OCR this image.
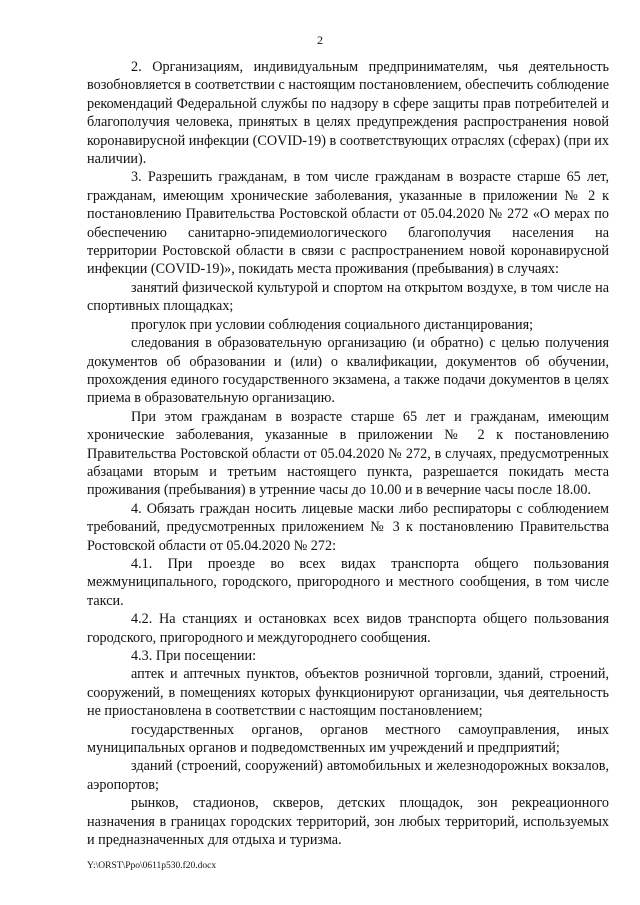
2

2. Организациям, индивидуальным предпринимателям, чья деятельность возобновляется в соответствии с настоящим постановлением, обеспечить соблюдение рекомендаций Федеральной службы по надзору в сфере защиты прав потребителей и благополучия человека, принятых в целях предупреждения распространения новой коронавирусной инфекции (COVID-19) в соответствующих отраслях (сферах) (при их наличии).

3. Разрешить гражданам, в том числе гражданам в возрасте старше 65 лет, гражданам, имеющим хронические заболевания, указанные в приложении № 2 к постановлению Правительства Ростовской области от 05.04.2020 № 272 «О мерах по обеспечению санитарно-эпидемиологического благополучия населения на территории Ростовской области в связи с распространением новой коронавирусной инфекции (COVID-19)», покидать места проживания (пребывания) в случаях:

занятий физической культурой и спортом на открытом воздухе, в том числе на спортивных площадках;

прогулок при условии соблюдения социального дистанцирования;

следования в образовательную организацию (и обратно) с целью получения документов об образовании и (или) о квалификации, документов об обучении, прохождения единого государственного экзамена, а также подачи документов в целях приема в образовательную организацию.

При этом гражданам в возрасте старше 65 лет и гражданам, имеющим хронические заболевания, указанные в приложении № 2 к постановлению Правительства Ростовской области от 05.04.2020 № 272, в случаях, предусмотренных абзацами вторым и третьим настоящего пункта, разрешается покидать места проживания (пребывания) в утренние часы до 10.00 и в вечерние часы после 18.00.

4. Обязать граждан носить лицевые маски либо респираторы с соблюдением требований, предусмотренных приложением № 3 к постановлению Правительства Ростовской области от 05.04.2020 № 272:

4.1. При проезде во всех видах транспорта общего пользования межмуниципального, городского, пригородного и местного сообщения, в том числе такси.

4.2. На станциях и остановках всех видов транспорта общего пользования городского, пригородного и междугороднего сообщения.

4.3. При посещении:

аптек и аптечных пунктов, объектов розничной торговли, зданий, строений, сооружений, в помещениях которых функционируют организации, чья деятельность не приостановлена в соответствии с настоящим постановлением;

государственных органов, органов местного самоуправления, иных муниципальных органов и подведомственных им учреждений и предприятий;

зданий (строений, сооружений) автомобильных и железнодорожных вокзалов, аэропортов;

рынков, стадионов, скверов, детских площадок, зон рекреационного назначения в границах городских территорий, зон любых территорий, используемых и предназначенных для отдыха и туризма.

Y:\ORST\Ppo\0611p530.f20.docx
